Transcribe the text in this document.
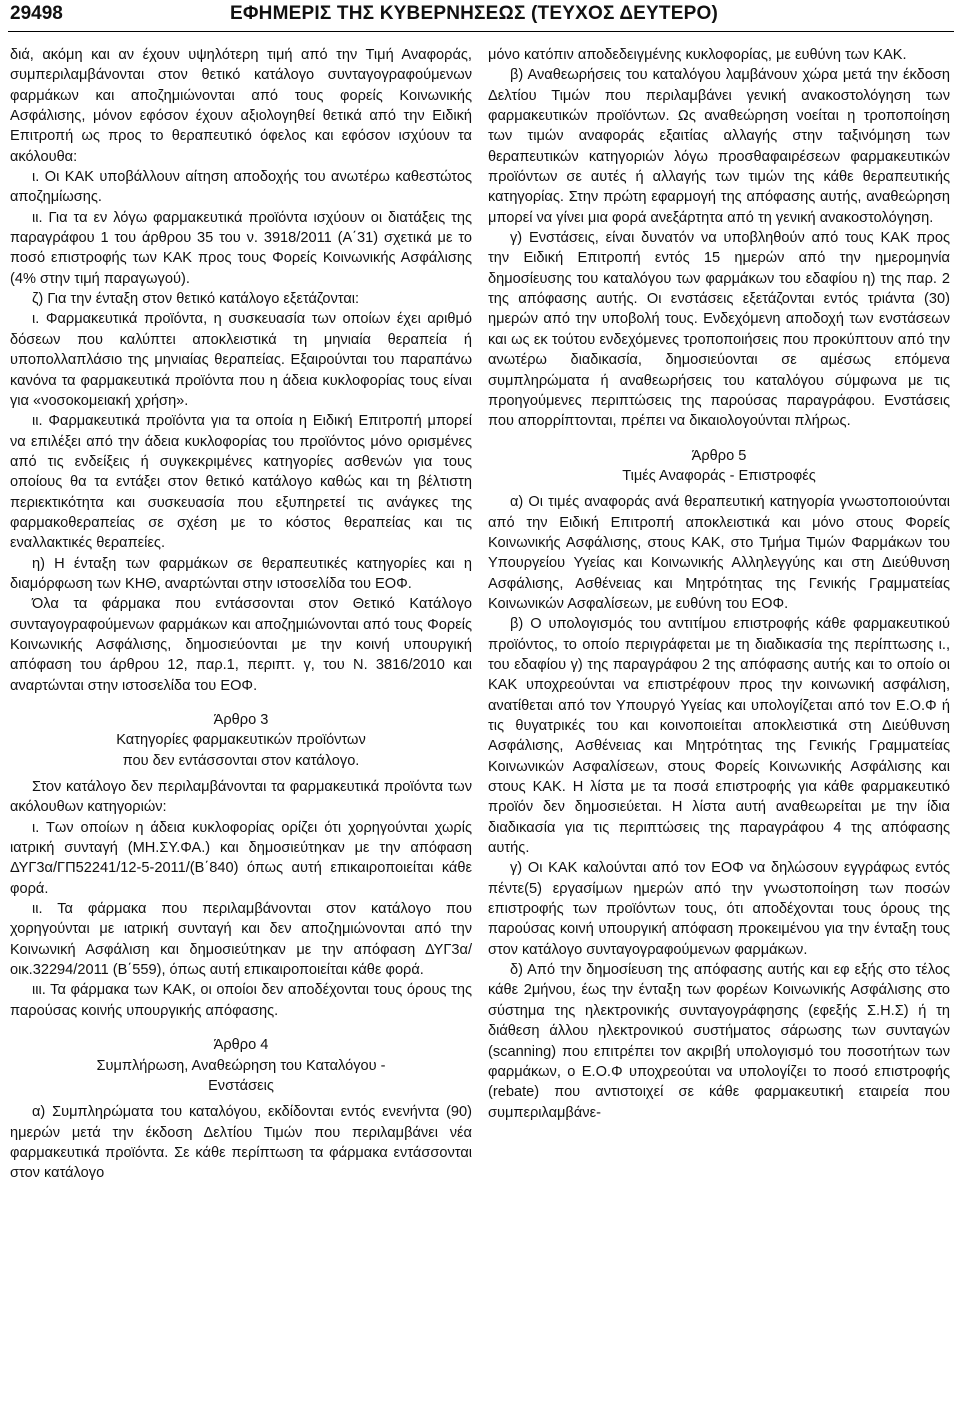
29498	ΕΦΗΜΕΡΙΣ ΤΗΣ ΚΥΒΕΡΝΗΣΕΩΣ (ΤΕΥΧΟΣ ΔΕΥΤΕΡΟ)

διά, ακόμη και αν έχουν υψηλότερη τιμή από την Τιμή Αναφοράς, συμπεριλαμβάνονται στον θετικό κατάλογο συνταγογραφούμενων φαρμάκων και αποζημιώνονται από τους φορείς Κοινωνικής Ασφάλισης, μόνον εφόσον έχουν αξιολογηθεί θετικά από την Ειδική Επιτροπή ως προς το θεραπευτικό όφελος και εφόσον ισχύουν τα ακόλουθα:

ι. Οι ΚΑΚ υποβάλλουν αίτηση αποδοχής του ανωτέρω καθεστώτος αποζημίωσης.

ιι. Για τα εν λόγω φαρμακευτικά προϊόντα ισχύουν οι διατάξεις της παραγράφου 1 του άρθρου 35 του ν. 3918/2011 (Α΄31) σχετικά με το ποσό επιστροφής των ΚΑΚ προς τους Φορείς Κοινωνικής Ασφάλισης (4% στην τιμή παραγωγού).

ζ) Για την ένταξη στον θετικό κατάλογο εξετάζονται:

ι. Φαρμακευτικά προϊόντα, η συσκευασία των οποίων έχει αριθμό δόσεων που καλύπτει αποκλειστικά τη μηνιαία θεραπεία ή υποπολλαπλάσιο της μηνιαίας θεραπείας. Εξαιρούνται του παραπάνω κανόνα τα φαρμακευτικά προϊόντα που η άδεια κυκλοφορίας τους είναι για «νοσοκομειακή χρήση».

ιι. Φαρμακευτικά προϊόντα για τα οποία η Ειδική Επιτροπή μπορεί να επιλέξει από την άδεια κυκλοφορίας του προϊόντος μόνο ορισμένες από τις ενδείξεις ή συγκεκριμένες κατηγορίες ασθενών για τους οποίους θα τα εντάξει στον θετικό κατάλογο καθώς και τη βέλτιστη περιεκτικότητα και συσκευασία που εξυπηρετεί τις ανάγκες της φαρμακοθεραπείας σε σχέση με το κόστος θεραπείας και τις εναλλακτικές θεραπείες.

η) Η ένταξη των φαρμάκων σε θεραπευτικές κατηγορίες και η διαμόρφωση των ΚΗΘ, αναρτώνται στην ιστοσελίδα του ΕΟΦ.

Όλα τα φάρμακα που εντάσσονται στον Θετικό Κατάλογο συνταγογραφούμενων φαρμάκων και αποζημιώνονται από τους Φορείς Κοινωνικής Ασφάλισης, δημοσιεύονται με την κοινή υπουργική απόφαση του άρθρου 12, παρ.1, περιπτ. γ, του Ν. 3816/2010 και αναρτώνται στην ιστοσελίδα του ΕΟΦ.

Άρθρο 3

Κατηγορίες φαρμακευτικών προϊόντων

που δεν εντάσσονται στον κατάλογο.

Στον κατάλογο δεν περιλαμβάνονται τα φαρμακευτικά προϊόντα των ακόλουθων κατηγοριών:

ι. Των οποίων η άδεια κυκλοφορίας ορίζει ότι χορηγούνται χωρίς ιατρική συνταγή (ΜΗ.ΣΥ.ΦΑ.) και δημοσιεύτηκαν με την απόφαση ΔΥΓ3α/ΓΠ52241/12-5-2011/(Β΄840) όπως αυτή επικαιροποιείται κάθε φορά.

ιι. Τα φάρμακα που περιλαμβάνονται στον κατάλογο που χορηγούνται με ιατρική συνταγή και δεν αποζημιώνονται από την Κοινωνική Ασφάλιση και δημοσιεύτηκαν με την απόφαση ΔΥΓ3α/οικ.32294/2011 (Β΄559), όπως αυτή επικαιροποιείται κάθε φορά.

ιιι. Τα φάρμακα των ΚΑΚ, οι οποίοι δεν αποδέχονται τους όρους της παρούσας κοινής υπουργικής απόφασης.

Άρθρο 4

Συμπλήρωση, Αναθεώρηση του Καταλόγου -

Ενστάσεις

α) Συμπληρώματα του καταλόγου, εκδίδονται εντός ενενήντα (90) ημερών μετά την έκδοση Δελτίου Τιμών που περιλαμβάνει νέα φαρμακευτικά προϊόντα. Σε κάθε περίπτωση τα φάρμακα εντάσσονται στον κατάλογο

μόνο κατόπιν αποδεδειγμένης κυκλοφορίας, με ευθύνη των ΚΑΚ.

β) Αναθεωρήσεις του καταλόγου λαμβάνουν χώρα μετά την έκδοση Δελτίου Τιμών που περιλαμβάνει γενική ανακοστολόγηση των φαρμακευτικών προϊόντων. Ως αναθεώρηση νοείται η τροποποίηση των τιμών αναφοράς εξαιτίας αλλαγής στην ταξινόμηση των θεραπευτικών κατηγοριών λόγω προσθαφαιρέσεων φαρμακευτικών προϊόντων σε αυτές ή αλλαγής των τιμών της κάθε θεραπευτικής κατηγορίας. Στην πρώτη εφαρμογή της απόφασης αυτής, αναθεώρηση μπορεί να γίνει μια φορά ανεξάρτητα από τη γενική ανακοστολόγηση.

γ) Ενστάσεις, είναι δυνατόν να υποβληθούν από τους ΚΑΚ προς την Ειδική Επιτροπή εντός 15 ημερών από την ημερομηνία δημοσίευσης του καταλόγου των φαρμάκων του εδαφίου η) της παρ. 2 της απόφασης αυτής. Οι ενστάσεις εξετάζονται εντός τριάντα (30) ημερών από την υποβολή τους. Ενδεχόμενη αποδοχή των ενστάσεων και ως εκ τούτου ενδεχόμενες τροποποιήσεις που προκύπτουν από την ανωτέρω διαδικασία, δημοσιεύονται σε αμέσως επόμενα συμπληρώματα ή αναθεωρήσεις του καταλόγου σύμφωνα με τις προηγούμενες περιπτώσεις της παρούσας παραγράφου. Ενστάσεις που απορρίπτονται, πρέπει να δικαιολογούνται πλήρως.

Άρθρο 5

Τιμές Αναφοράς - Επιστροφές

α) Οι τιμές αναφοράς ανά θεραπευτική κατηγορία γνωστοποιούνται από την Ειδική Επιτροπή αποκλειστικά και μόνο στους Φορείς Κοινωνικής Ασφάλισης, στους ΚΑΚ, στο Τμήμα Τιμών Φαρμάκων του Υπουργείου Υγείας και Κοινωνικής Αλληλεγγύης και στη Διεύθυνση Ασφάλισης, Ασθένειας και Μητρότητας της Γενικής Γραμματείας Κοινωνικών Ασφαλίσεων, με ευθύνη του ΕΟΦ.

β) Ο υπολογισμός του αντιτίμου επιστροφής κάθε φαρμακευτικού προϊόντος, το οποίο περιγράφεται με τη διαδικασία της περίπτωσης ι., του εδαφίου γ) της παραγράφου 2 της απόφασης αυτής και το οποίο οι ΚΑΚ υποχρεούνται να επιστρέφουν προς την κοινωνική ασφάλιση, ανατίθεται από τον Υπουργό Υγείας και υπολογίζεται από τον Ε.Ο.Φ ή τις θυγατρικές του και κοινοποιείται αποκλειστικά στη Διεύθυνση Ασφάλισης, Ασθένειας και Μητρότητας της Γενικής Γραμματείας Κοινωνικών Ασφαλίσεων, στους Φορείς Κοινωνικής Ασφάλισης και στους ΚΑΚ. Η λίστα με τα ποσά επιστροφής για κάθε φαρμακευτικό προϊόν δεν δημοσιεύεται. Η λίστα αυτή αναθεωρείται με την ίδια διαδικασία για τις περιπτώσεις της παραγράφου 4 της απόφασης αυτής.

γ) Οι ΚΑΚ καλούνται από τον ΕΟΦ να δηλώσουν εγγράφως εντός πέντε(5) εργασίμων ημερών από την γνωστοποίηση των ποσών επιστροφής των προϊόντων τους, ότι αποδέχονται τους όρους της παρούσας κοινή υπουργική απόφαση προκειμένου για την ένταξη τους στον κατάλογο συνταγογραφούμενων φαρμάκων.

δ) Από την δημοσίευση της απόφασης αυτής και εφ εξής στο τέλος κάθε 2μήνου, έως την ένταξη των φορέων Κοινωνικής Ασφάλισης στο σύστημα της ηλεκτρονικής συνταγογράφησης (εφεξής Σ.Η.Σ) ή τη διάθεση άλλου ηλεκτρονικού συστήματος σάρωσης των συνταγών (scanning) που επιτρέπει τον ακριβή υπολογισμό του ποσοτήτων των φαρμάκων, ο Ε.Ο.Φ υποχρεούται να υπολογίζει το ποσό επιστροφής (rebate) που αντιστοιχεί σε κάθε φαρμακευτική εταιρεία που συμπεριλαμβάνε-
